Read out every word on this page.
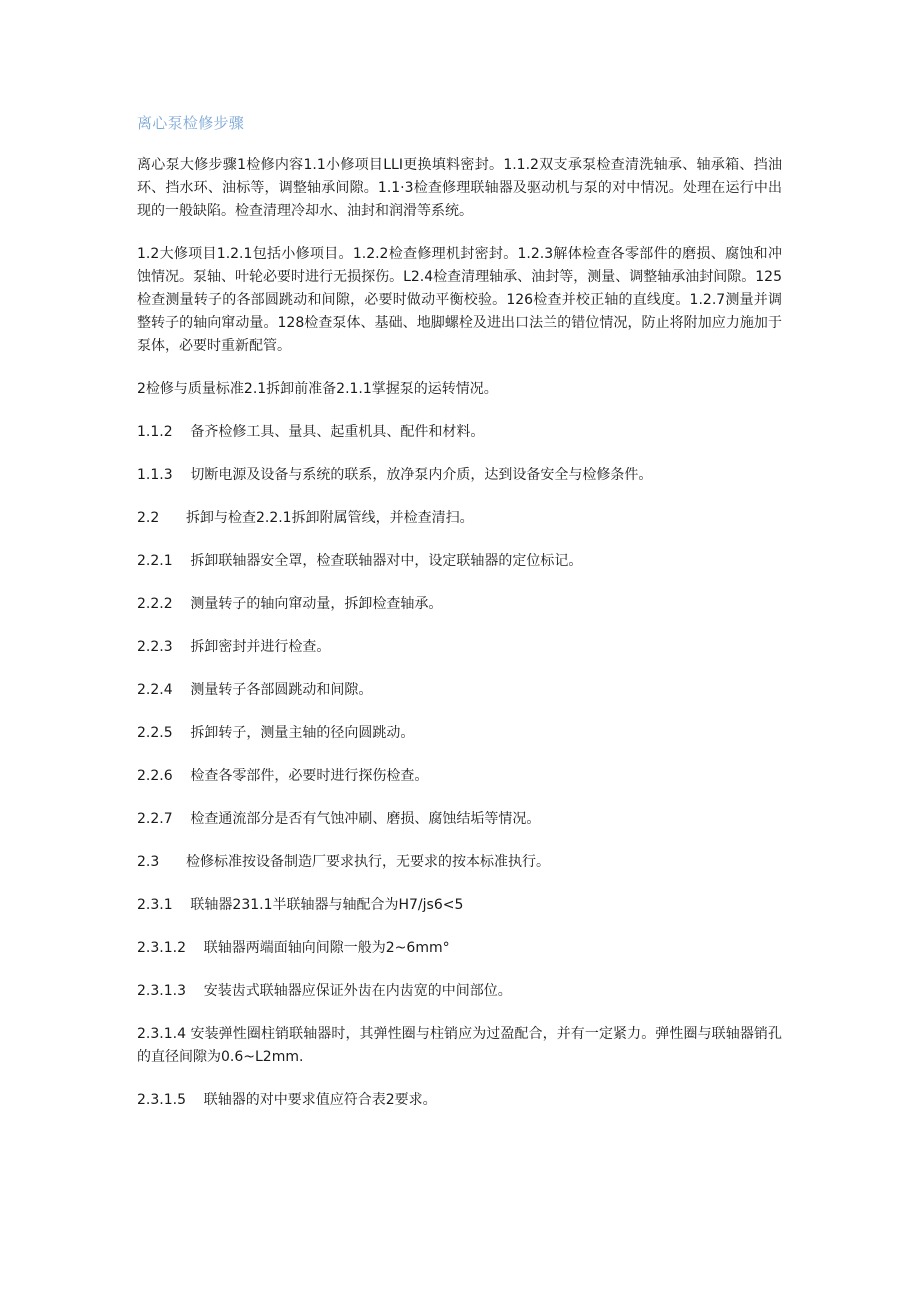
离心泵检修步骤

离心泵大修步骤1检修内容1.1小修项目LLI更换填料密封。1.1.2双支承泵检查清洗轴承、轴承箱、挡油环、挡水环、油标等，调整轴承间隙。1.1·3检查修理联轴器及驱动机与泵的对中情况。处理在运行中出现的一般缺陷。检查清理冷却水、油封和润滑等系统。

1.2大修项目1.2.1包括小修项目。1.2.2检查修理机封密封。1.2.3解体检查各零部件的磨损、腐蚀和冲蚀情况。泵轴、叶轮必要时进行无损探伤。L2.4检查清理轴承、油封等，测量、调整轴承油封间隙。125检查测量转子的各部圆跳动和间隙，必要时做动平衡校验。126检查并校正轴的直线度。1.2.7测量并调整转子的轴向窜动量。128检查泵体、基础、地脚螺栓及进出口法兰的错位情况，防止将附加应力施加于泵体，必要时重新配管。

2检修与质量标准2.1拆卸前准备2.1.1掌握泵的运转情况。

1.1.2    备齐检修工具、量具、起重机具、配件和材料。

1.1.3    切断电源及设备与系统的联系，放净泵内介质，达到设备安全与检修条件。

2.2      拆卸与检查2.2.1拆卸附属管线，并检查清扫。

2.2.1    拆卸联轴器安全罩，检查联轴器对中，设定联轴器的定位标记。

2.2.2    测量转子的轴向窜动量，拆卸检查轴承。

2.2.3    拆卸密封并进行检查。

2.2.4    测量转子各部圆跳动和间隙。

2.2.5    拆卸转子，测量主轴的径向圆跳动。

2.2.6    检查各零部件，必要时进行探伤检查。

2.2.7    检查通流部分是否有气蚀冲刷、磨损、腐蚀结垢等情况。

2.3      检修标准按设备制造厂要求执行，无要求的按本标准执行。

2.3.1    联轴器231.1半联轴器与轴配合为H7/js6<5

2.3.1.2    联轴器两端面轴向间隙一般为2~6mm°

2.3.1.3    安装齿式联轴器应保证外齿在内齿宽的中间部位。

2.3.1.4 安装弹性圈柱销联轴器时，其弹性圈与柱销应为过盈配合，并有一定紧力。弹性圈与联轴器销孔的直径间隙为0.6~L2mm.

2.3.1.5    联轴器的对中要求值应符合表2要求。
